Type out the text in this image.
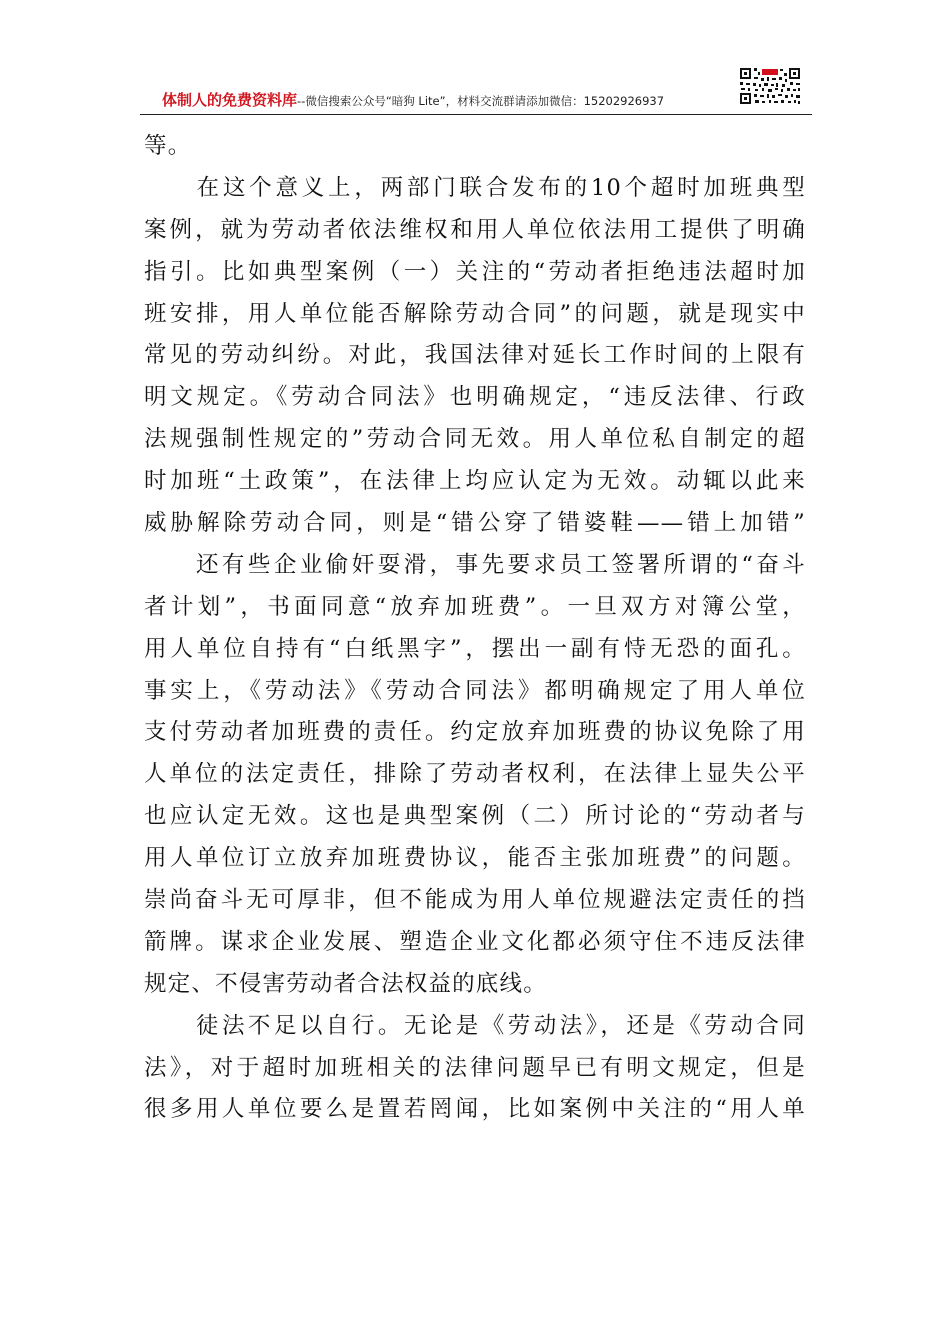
体制人的免费资料库--微信搜索公众号“暗狗 Lite”，材料交流群请添加微信：15202926937
等。
　　在这个意义上，两部门联合发布的10个超时加班典型
案例，就为劳动者依法维权和用人单位依法用工提供了明确
指引。比如典型案例（一）关注的“劳动者拒绝违法超时加
班安排，用人单位能否解除劳动合同”的问题，就是现实中
常见的劳动纠纷。对此，我国法律对延长工作时间的上限有
明文规定。《劳动合同法》也明确规定，“违反法律、行政
法规强制性规定的”劳动合同无效。用人单位私自制定的超
时加班“土政策”，在法律上均应认定为无效。动辄以此来
威胁解除劳动合同，则是“错公穿了错婆鞋——错上加错”
　　还有些企业偷奸耍滑，事先要求员工签署所谓的“奋斗
者计划”，书面同意“放弃加班费”。一旦双方对簿公堂，
用人单位自持有“白纸黑字”，摆出一副有恃无恐的面孔。
事实上，《劳动法》《劳动合同法》都明确规定了用人单位
支付劳动者加班费的责任。约定放弃加班费的协议免除了用
人单位的法定责任，排除了劳动者权利，在法律上显失公平
也应认定无效。这也是典型案例（二）所讨论的“劳动者与
用人单位订立放弃加班费协议，能否主张加班费”的问题。
崇尚奋斗无可厚非，但不能成为用人单位规避法定责任的挡
箭牌。谋求企业发展、塑造企业文化都必须守住不违反法律
规定、不侵害劳动者合法权益的底线。
　　徒法不足以自行。无论是《劳动法》，还是《劳动合同
法》，对于超时加班相关的法律问题早已有明文规定，但是
很多用人单位要么是置若罔闻，比如案例中关注的“用人单
